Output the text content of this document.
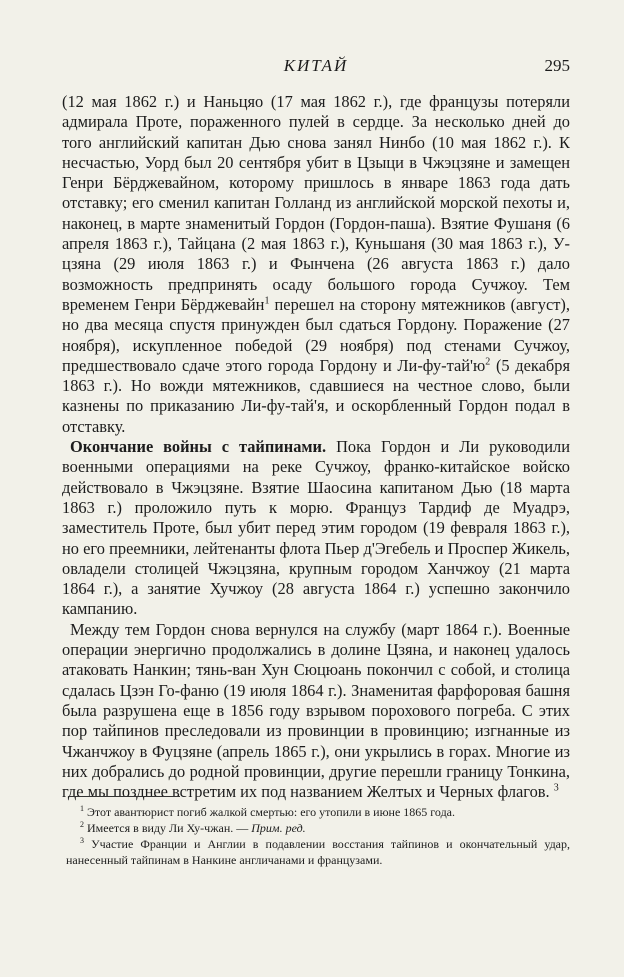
КИТАЙ	295

(12 мая 1862 г.) и Наньцяо (17 мая 1862 г.), где французы потеряли адмирала Проте, пораженного пулей в сердце. За несколько дней до того английский капитан Дью снова занял Нинбо (10 мая 1862 г.). К несчастью, Уорд был 20 сентября убит в Цзыци в Чжэцзяне и замещен Генри Бёрджевайном, которому пришлось в январе 1863 года дать отставку; его сменил капитан Голланд из английской морской пехоты и, наконец, в марте знаменитый Гордон (Гордон-паша). Взятие Фушаня (6 апреля 1863 г.), Тайцана (2 мая 1863 г.), Куньшаня (30 мая 1863 г.), У-цзяна (29 июля 1863 г.) и Фынчена (26 августа 1863 г.) дало возможность предпринять осаду большого города Сучжоу. Тем временем Генри Бёрджевайн$^1$ перешел на сторону мятежников (август), но два месяца спустя принужден был сдаться Гордону. Поражение (27 ноября), искупленное победой (29 ноября) под стенами Сучжоу, предшествовало сдаче этого города Гордону и Ли-фу-тай'ю$^2$ (5 декабря 1863 г.). Но вожди мятежников, сдавшиеся на честное слово, были казнены по приказанию Ли-фу-тай'я, и оскорбленный Гордон подал в отставку.

Окончание войны с тайпинами. Пока Гордон и Ли руководили военными операциями на реке Сучжоу, франко-китайское войско действовало в Чжэцзяне. Взятие Шаосина капитаном Дью (18 марта 1863 г.) проложило путь к морю. Француз Тардиф де Муадрэ, заместитель Проте, был убит перед этим городом (19 февраля 1863 г.), но его преемники, лейтенанты флота Пьер д'Эгебель и Проспер Жикель, овладели столицей Чжэцзяна, крупным городом Ханчжоу (21 марта 1864 г.), а занятие Хучжоу (28 августа 1864 г.) успешно закончило кампанию.

Между тем Гордон снова вернулся на службу (март 1864 г.). Военные операции энергично продолжались в долине Цзяна, и наконец удалось атаковать Нанкин; тянь-ван Хун Сюцюань покончил с собой, и столица сдалась Цзэн Го-фаню (19 июля 1864 г.). Знаменитая фарфоровая башня была разрушена еще в 1856 году взрывом порохового погреба. С этих пор тайпинов преследовали из провинции в провинцию; изгнанные из Чжанчжоу в Фуцзяне (апрель 1865 г.), они укрылись в горах. Многие из них добрались до родной провинции, другие перешли границу Тонкина, где мы позднее встретим их под названием Желтых и Черных флагов. $^3$

$^1$ Этот авантюрист погиб жалкой смертью: его утопили в июне 1865 года.

$^2$ Имеется в виду Ли Ху-чжан. — Прим. ред.

$^3$ Участие Франции и Англии в подавлении восстания тайпинов и окончательный удар, нанесенный тайпинам в Нанкине англичанами и французами.
